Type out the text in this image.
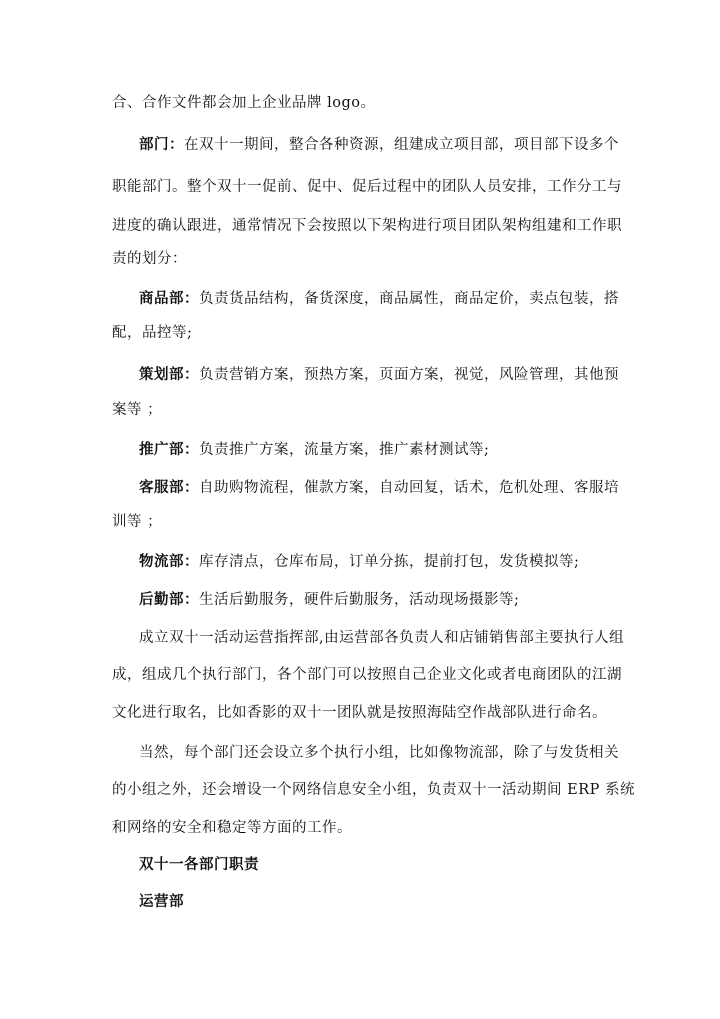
合、合作文件都会加上企业品牌 logo。
部门：在双十一期间，整合各种资源，组建成立项目部，项目部下设多个
职能部门。整个双十一促前、促中、促后过程中的团队人员安排，工作分工与
进度的确认跟进，通常情况下会按照以下架构进行项目团队架构组建和工作职
责的划分：
商品部：负责货品结构，备货深度，商品属性，商品定价，卖点包装，搭
配，品控等;
策划部：负责营销方案，预热方案，页面方案，视觉，风险管理，其他预
案等 ；
推广部：负责推广方案，流量方案，推广素材测试等;
客服部：自助购物流程，催款方案，自动回复，话术，危机处理、客服培
训等 ；
物流部：库存清点，仓库布局，订单分拣，提前打包，发货模拟等;
后勤部：生活后勤服务，硬件后勤服务，活动现场摄影等;
成立双十一活动运营指挥部,由运营部各负责人和店铺销售部主要执行人组
成，组成几个执行部门，各个部门可以按照自己企业文化或者电商团队的江湖
文化进行取名，比如香影的双十一团队就是按照海陆空作战部队进行命名。
当然，每个部门还会设立多个执行小组，比如像物流部，除了与发货相关
的小组之外，还会增设一个网络信息安全小组，负责双十一活动期间 ERP 系统
和网络的安全和稳定等方面的工作。
双十一各部门职责
运营部
